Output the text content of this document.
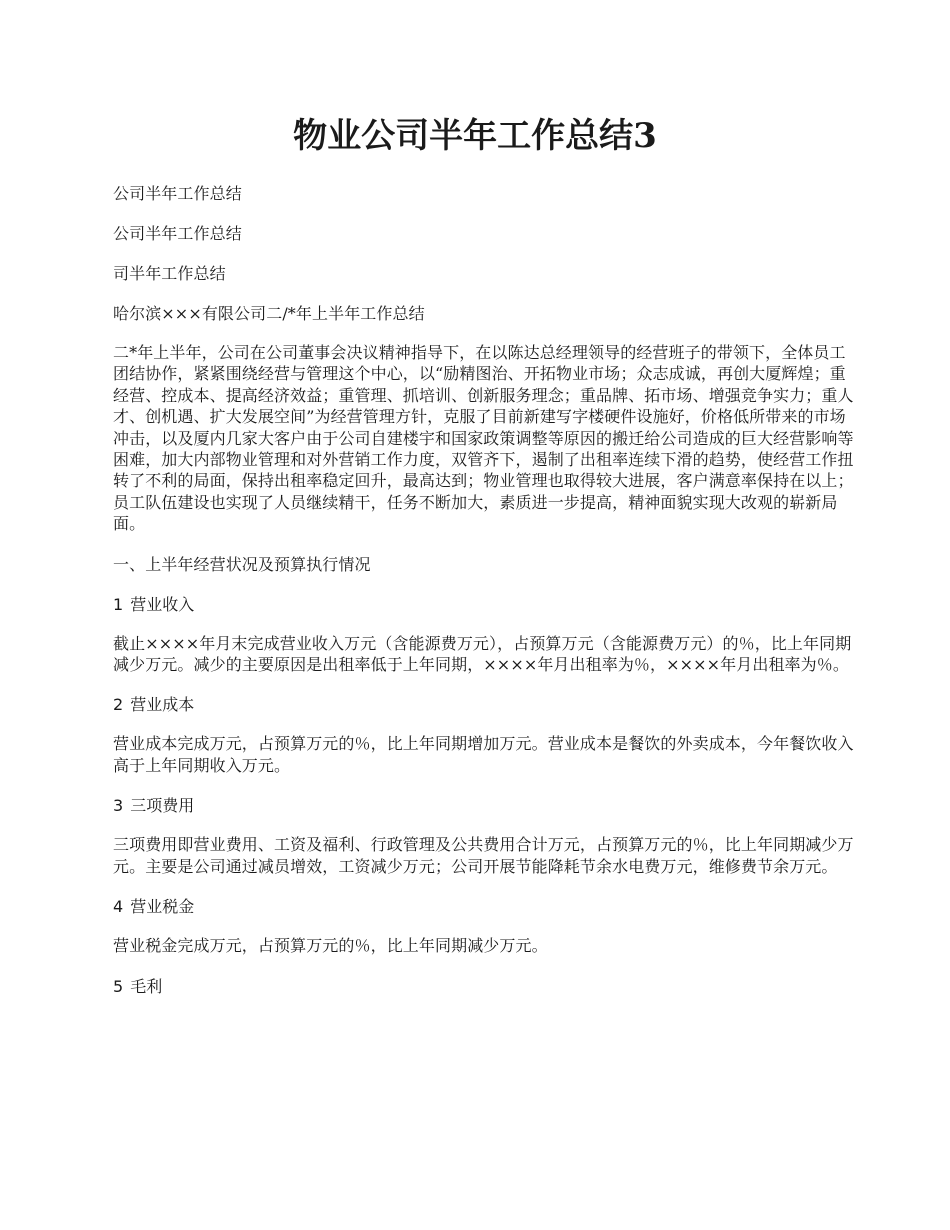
物业公司半年工作总结3

公司半年工作总结

公司半年工作总结

司半年工作总结

哈尔滨×××有限公司二/*年上半年工作总结

二*年上半年，公司在公司董事会决议精神指导下，在以陈达总经理领导的经营班子的带领下，全体员工团结协作，紧紧围绕经营与管理这个中心，以“励精图治、开拓物业市场；众志成诚，再创大厦辉煌；重经营、控成本、提高经济效益；重管理、抓培训、创新服务理念；重品牌、拓市场、增强竞争实力；重人才、创机遇、扩大发展空间”为经营管理方针，克服了目前新建写字楼硬件设施好，价格低所带来的市场冲击，以及厦内几家大客户由于公司自建楼宇和国家政策调整等原因的搬迁给公司造成的巨大经营影响等困难，加大内部物业管理和对外营销工作力度，双管齐下，遏制了出租率连续下滑的趋势，使经营工作扭转了不利的局面，保持出租率稳定回升，最高达到；物业管理也取得较大进展，客户满意率保持在以上；员工队伍建设也实现了人员继续精干，任务不断加大，素质进一步提高，精神面貌实现大改观的崭新局面。

一、上半年经营状况及预算执行情况

1 营业收入

截止××××年月末完成营业收入万元（含能源费万元），占预算万元（含能源费万元）的％，比上年同期减少万元。减少的主要原因是出租率低于上年同期，××××年月出租率为％，××××年月出租率为％。

2 营业成本

营业成本完成万元，占预算万元的％，比上年同期增加万元。营业成本是餐饮的外卖成本，今年餐饮收入高于上年同期收入万元。

3 三项费用

三项费用即营业费用、工资及福利、行政管理及公共费用合计万元，占预算万元的％，比上年同期减少万元。主要是公司通过减员增效，工资减少万元；公司开展节能降耗节余水电费万元，维修费节余万元。

4 营业税金

营业税金完成万元，占预算万元的％，比上年同期减少万元。

5 毛利
